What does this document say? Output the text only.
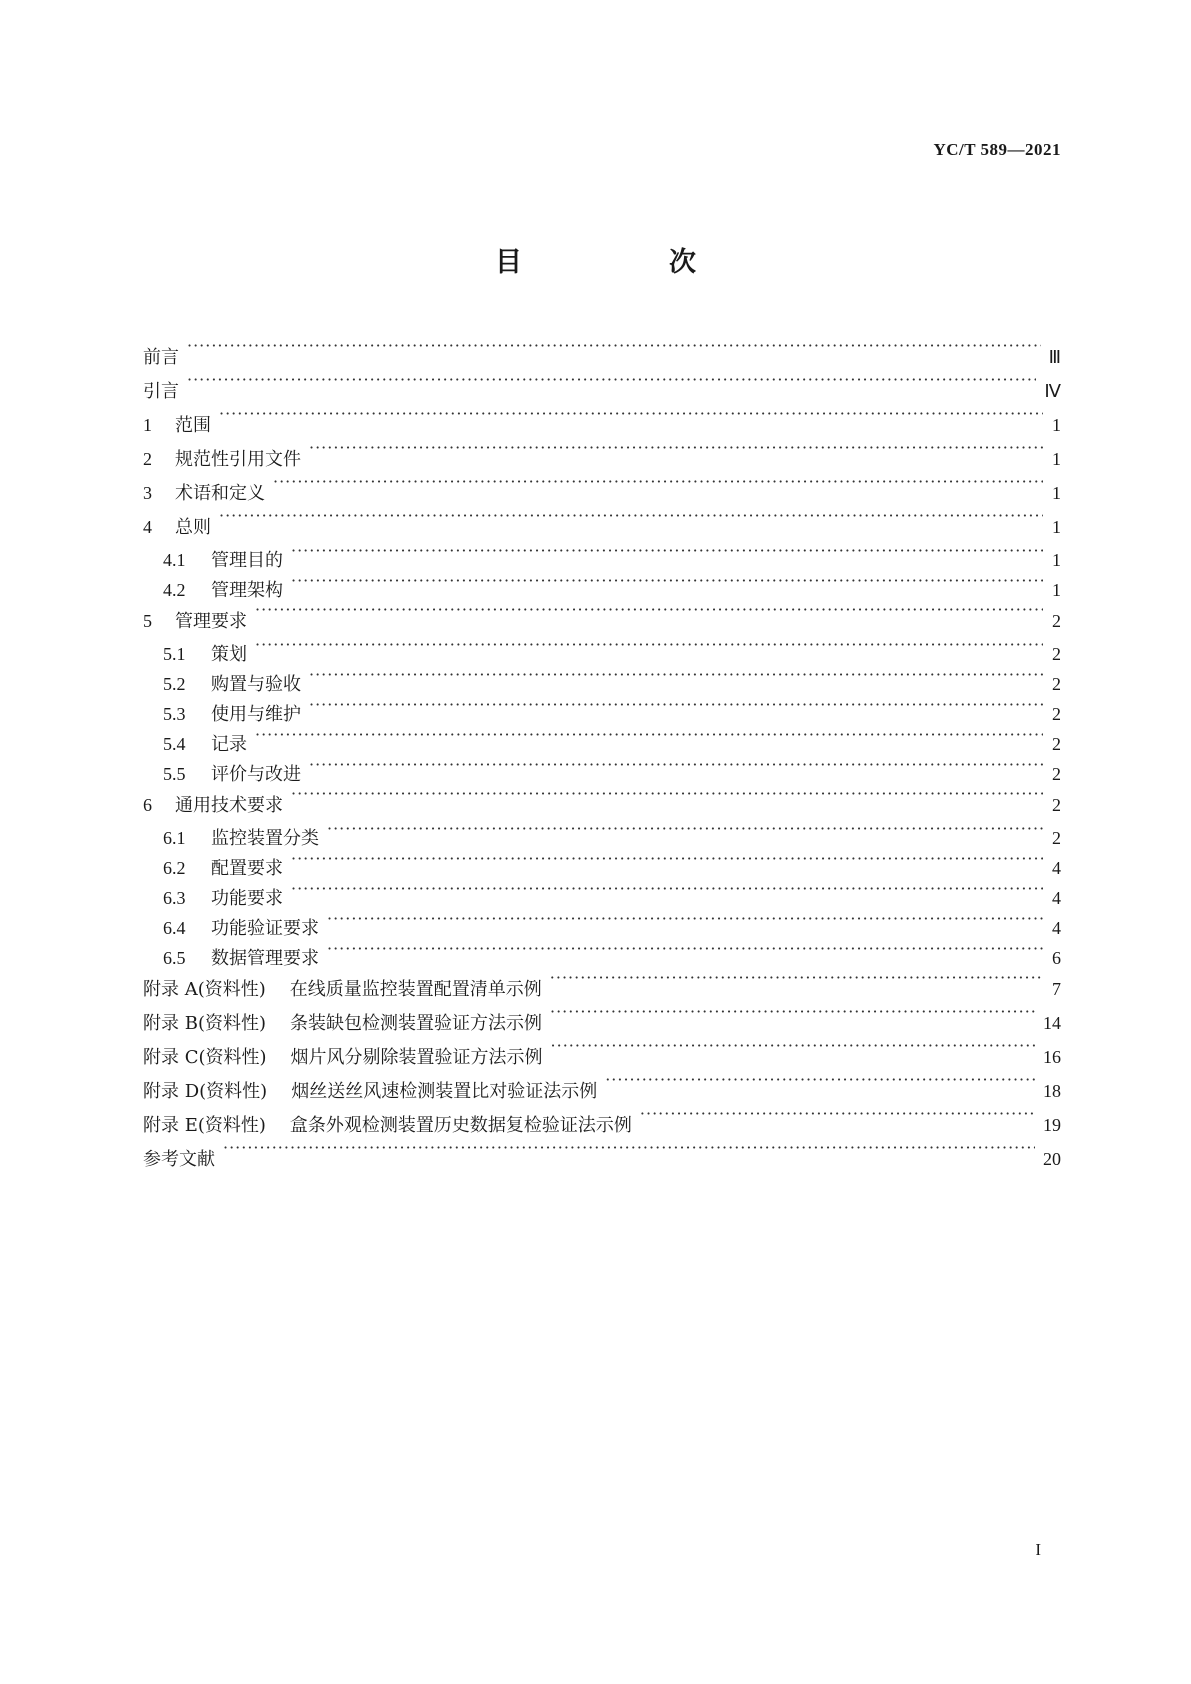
YC/T 589—2021
目　次
前言 ·····	Ⅲ
引言 ·····	Ⅳ
1 范围 ·····	1
2 规范性引用文件 ·····	1
3 术语和定义 ·····	1
4 总则 ·····	1
4.1 管理目的 ·····	1
4.2 管理架构 ·····	1
5 管理要求 ·····	2
5.1 策划 ·····	2
5.2 购置与验收 ·····	2
5.3 使用与维护 ·····	2
5.4 记录 ·····	2
5.5 评价与改进 ·····	2
6 通用技术要求 ·····	2
6.1 监控装置分类 ·····	2
6.2 配置要求 ·····	4
6.3 功能要求 ·····	4
6.4 功能验证要求 ·····	4
6.5 数据管理要求 ·····	6
附录 A(资料性) 在线质量监控装置配置清单示例 ·····	7
附录 B(资料性) 条装缺包检测装置验证方法示例 ·····	14
附录 C(资料性) 烟片风分剔除装置验证方法示例 ·····	16
附录 D(资料性) 烟丝送丝风速检测装置比对验证法示例 ·····	18
附录 E(资料性) 盒条外观检测装置历史数据复检验证法示例 ·····	19
参考文献 ·····	20
I
